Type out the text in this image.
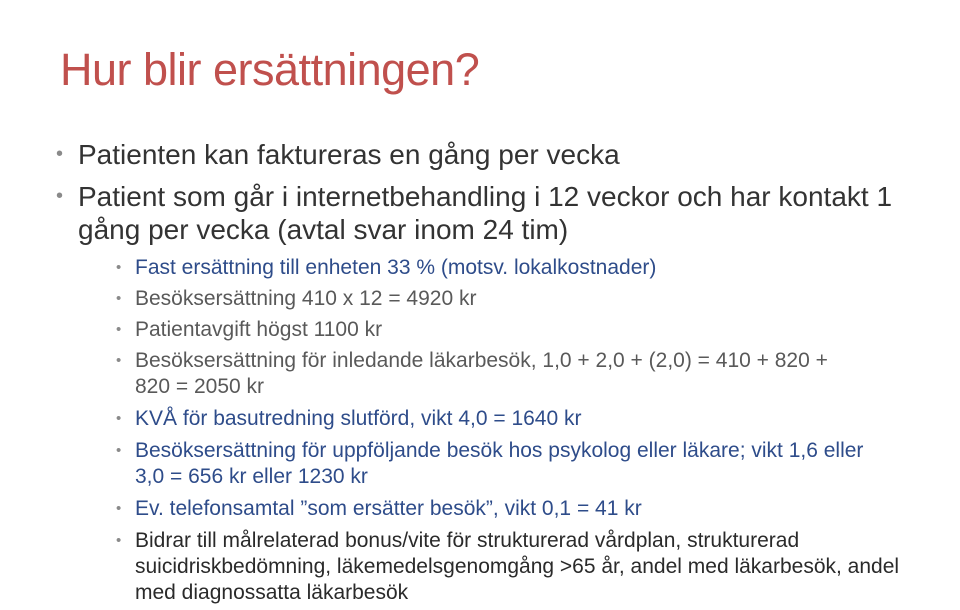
Hur blir ersättningen?
• Patienten kan faktureras en gång per vecka
• Patient som går i internetbehandling i 12 veckor och har kontakt 1 gång per vecka (avtal svar inom 24 tim)
• Fast ersättning till enheten 33 % (motsv. lokalkostnader)
• Besöksersättning 410 x 12 = 4920 kr
• Patientavgift högst 1100 kr
• Besöksersättning för inledande läkarbesök, 1,0 + 2,0 + (2,0) = 410 + 820 + 820 = 2050 kr
• KVÅ för basutredning slutförd, vikt 4,0 = 1640 kr
• Besöksersättning för uppföljande besök hos psykolog eller läkare; vikt 1,6 eller 3,0 = 656 kr eller 1230 kr
• Ev. telefonsamtal ”som ersätter besök”, vikt 0,1 = 41 kr
• Bidrar till målrelaterad bonus/vite för strukturerad vårdplan, strukturerad suicidriskbedömning, läkemedelsgenomgång >65 år, andel med läkarbesök, andel med diagnossatta läkarbesök
